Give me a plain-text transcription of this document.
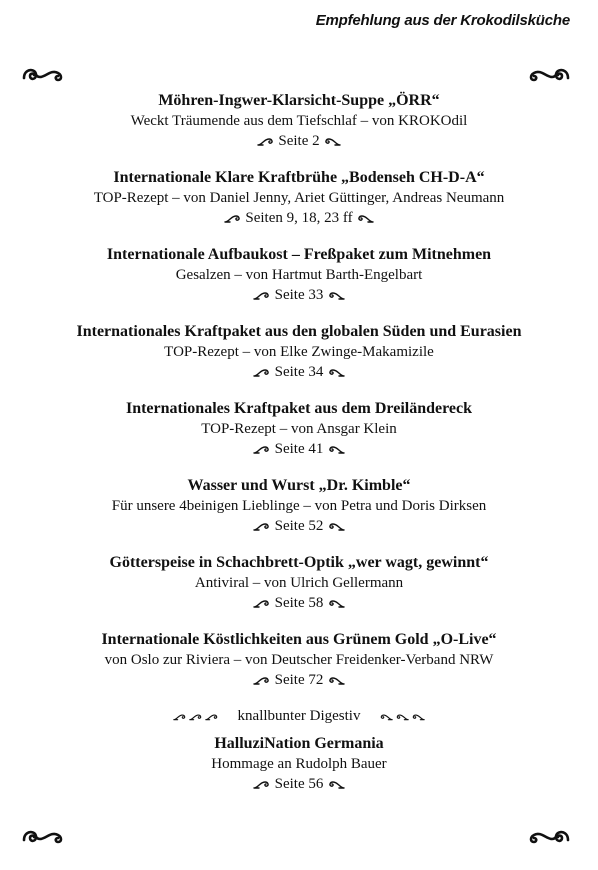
Empfehlung aus der Krokodilsküche
Möhren-Ingwer-Klarsicht-Suppe „ÖRR“
Weckt Träumende aus dem Tiefschlaf – von KROKOdil
Seite 2
Internationale Klare Kraftbrühe „Bodenseh CH-D-A“
TOP-Rezept – von Daniel Jenny, Ariet Güttinger, Andreas Neumann
Seiten 9, 18, 23 ff
Internationale Aufbaukost – Freßpaket zum Mitnehmen
Gesalzen – von Hartmut Barth-Engelbart
Seite 33
Internationales Kraftpaket aus den globalen Süden und Eurasien
TOP-Rezept – von Elke Zwinge-Makamizile
Seite 34
Internationales Kraftpaket aus dem Dreiländereck
TOP-Rezept – von Ansgar Klein
Seite 41
Wasser und Wurst „Dr. Kimble“
Für unsere 4beinigen Lieblinge – von Petra und Doris Dirksen
Seite 52
Götterspeise in Schachbrett-Optik „wer wagt, gewinnt“
Antiviral – von Ulrich Gellermann
Seite 58
Internationale Köstlichkeiten aus Grünem Gold „O-Live“
von Oslo zur Riviera – von Deutscher Freidenker-Verband NRW
Seite 72
knallbunter Digestiv
HalluziNation Germania
Hommage an Rudolph Bauer
Seite 56
